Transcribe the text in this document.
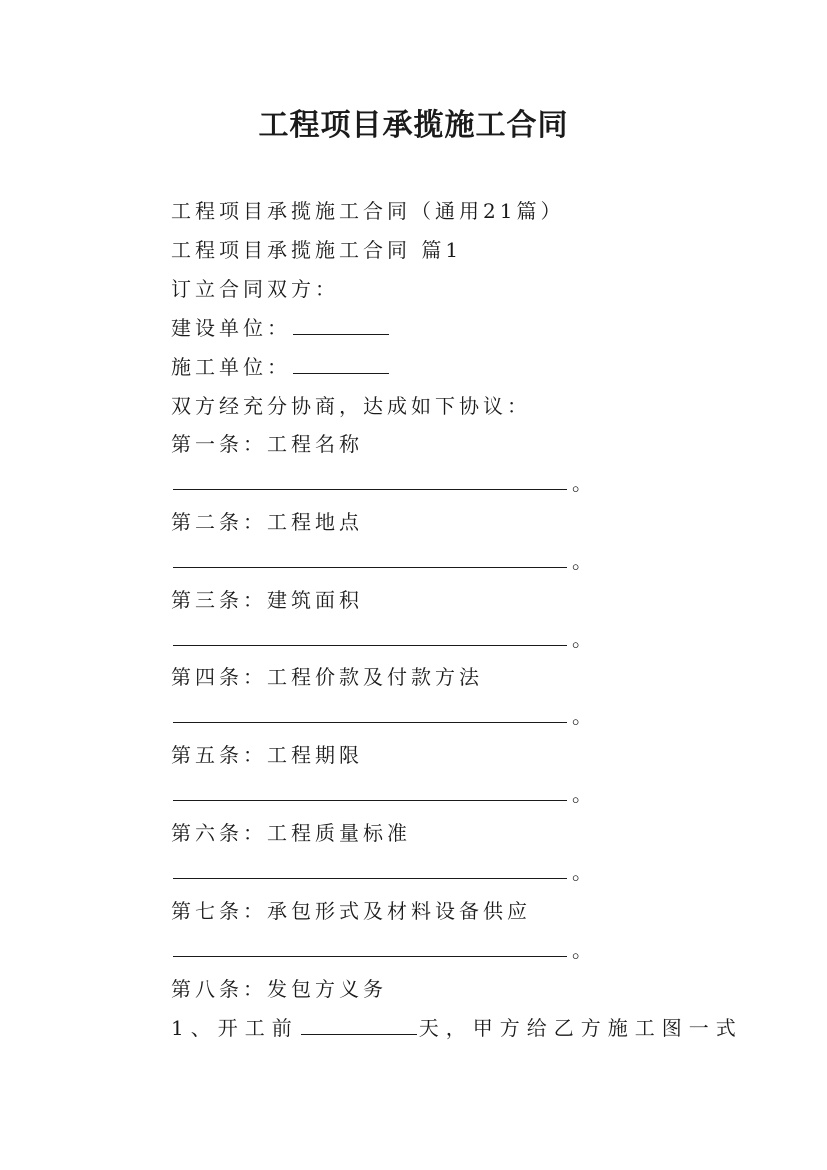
工程项目承揽施工合同
工程项目承揽施工合同（通用21篇）
工程项目承揽施工合同 篇1
订立合同双方：
建设单位：
施工单位：
双方经充分协商，达成如下协议：
第一条：工程名称
。
第二条：工程地点
。
第三条：建筑面积
。
第四条：工程价款及付款方法
。
第五条：工程期限
。
第六条：工程质量标准
。
第七条：承包形式及材料设备供应
。
第八条：发包方义务
1、开工前	天，甲方给乙方施工图一式
